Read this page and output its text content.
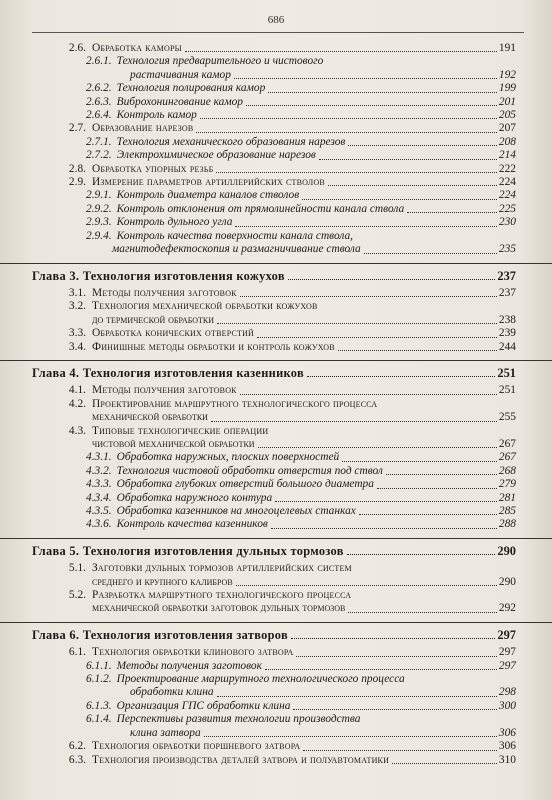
686
2.6. Обработка каморы	191
2.6.1. Технология предварительного и чистового
растачивания камор	192
2.6.2. Технология полирования камор	199
2.6.3. Виброхонингование камор	201
2.6.4. Контроль камор	205
2.7. Образование нарезов	207
2.7.1. Технология механического образования нарезов	208
2.7.2. Электрохимическое образование нарезов	214
2.8. Обработка упорных резьб	222
2.9. Измерение параметров артиллерийских стволов	224
2.9.1. Контроль диаметра каналов стволов	224
2.9.2. Контроль отклонения от прямолинейности канала ствола	225
2.9.3. Контроль дульного угла	230
2.9.4. Контроль качества поверхности канала ствола,
магнитодефектоскопия и размагничивание ствола	235
Глава 3. Технология изготовления кожухов	237
3.1. Методы получения заготовок	237
3.2. Технология механической обработки кожухов
до термической обработки	238
3.3. Обработка конических отверстий	239
3.4. Финишные методы обработки и контроль кожухов	244
Глава 4. Технология изготовления казенников	251
4.1. Методы получения заготовок	251
4.2. Проектирование маршрутного технологического процесса
механической обработки	255
4.3. Типовые технологические операции
чистовой механической обработки	267
4.3.1. Обработка наружных, плоских поверхностей	267
4.3.2. Технология чистовой обработки отверстия под ствол	268
4.3.3. Обработка глубоких отверстий большого диаметра	279
4.3.4. Обработка наружного контура	281
4.3.5. Обработка казенников на многоцелевых станках	285
4.3.6. Контроль качества казенников	288
Глава 5. Технология изготовления дульных тормозов	290
5.1. Заготовки дульных тормозов артиллерийских систем
среднего и крупного калибров	290
5.2. Разработка маршрутного технологического процесса
механической обработки заготовок дульных тормозов	292
Глава 6. Технология изготовления затворов	297
6.1. Технология обработки клинового затвора	297
6.1.1. Методы получения заготовок	297
6.1.2. Проектирование маршрутного технологического процесса
обработки клина	298
6.1.3. Организация ГПС обработки клина	300
6.1.4. Перспективы развития технологии производства
клина затвора	306
6.2. Технология обработки поршневого затвора	306
6.3. Технология производства деталей затвора и полуавтоматики	310
